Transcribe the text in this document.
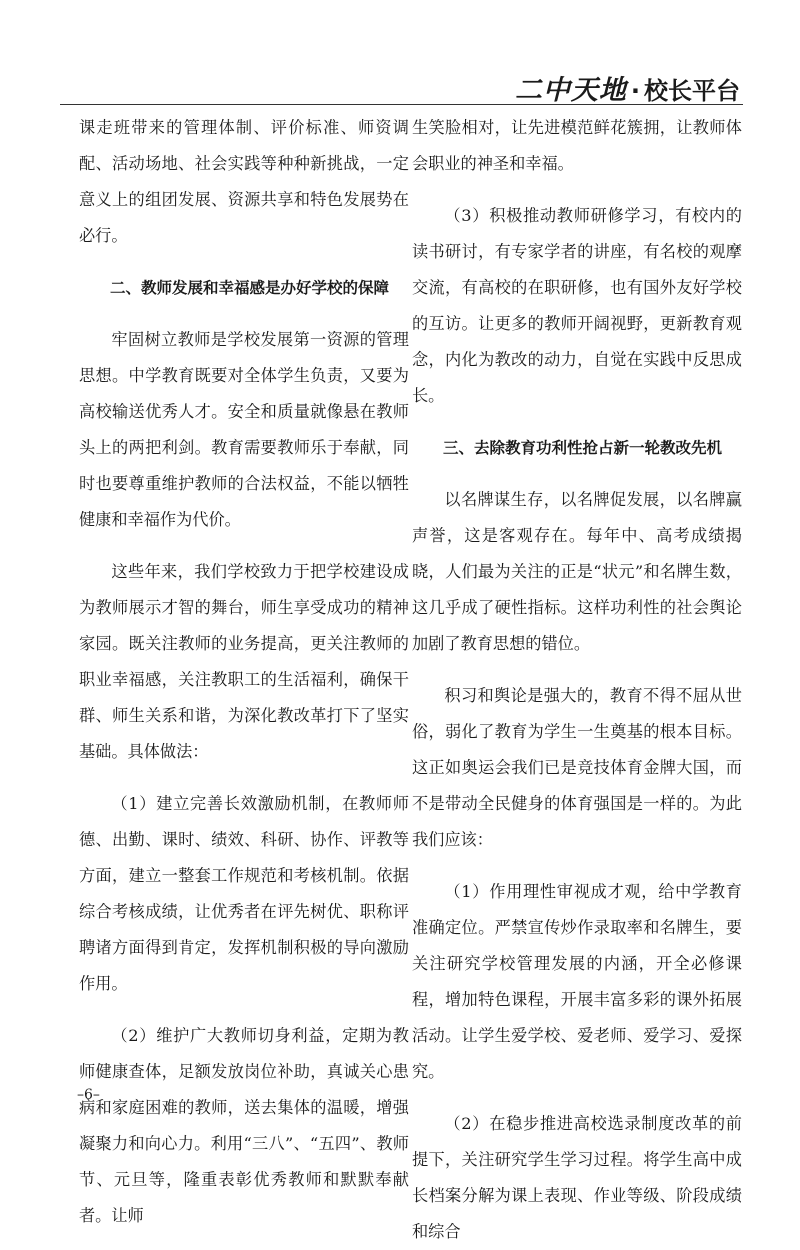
二中天地 · 校长平台

课走班带来的管理体制、评价标准、师资调配、活动场地、社会实践等种种新挑战，一定意义上的组团发展、资源共享和特色发展势在必行。

二、教师发展和幸福感是办好学校的保障

牢固树立教师是学校发展第一资源的管理思想。中学教育既要对全体学生负责，又要为高校输送优秀人才。安全和质量就像悬在教师头上的两把利剑。教育需要教师乐于奉献，同时也要尊重维护教师的合法权益，不能以牺牲健康和幸福作为代价。

这些年来，我们学校致力于把学校建设成为教师展示才智的舞台，师生享受成功的精神家园。既关注教师的业务提高，更关注教师的职业幸福感，关注教职工的生活福利，确保干群、师生关系和谐，为深化教改革打下了坚实基础。具体做法：

（1）建立完善长效激励机制，在教师师德、出勤、课时、绩效、科研、协作、评教等方面，建立一整套工作规范和考核机制。依据综合考核成绩，让优秀者在评先树优、职称评聘诸方面得到肯定，发挥机制积极的导向激励作用。

（2）维护广大教师切身利益，定期为教师健康查体，足额发放岗位补助，真诚关心患病和家庭困难的教师，送去集体的温暖，增强凝聚力和向心力。利用“三八”、“五四”、教师节、元旦等，隆重表彰优秀教师和默默奉献者。让师

生笑脸相对，让先进模范鲜花簇拥，让教师体会职业的神圣和幸福。

（3）积极推动教师研修学习，有校内的读书研讨，有专家学者的讲座，有名校的观摩交流，有高校的在职研修，也有国外友好学校的互访。让更多的教师开阔视野，更新教育观念，内化为教改的动力，自觉在实践中反思成长。

三、去除教育功利性抢占新一轮教改先机

以名牌谋生存，以名牌促发展，以名牌赢声誉，这是客观存在。每年中、高考成绩揭晓，人们最为关注的正是“状元”和名牌生数，这几乎成了硬性指标。这样功利性的社会舆论加剧了教育思想的错位。

积习和舆论是强大的，教育不得不屈从世俗，弱化了教育为学生一生奠基的根本目标。这正如奥运会我们已是竞技体育金牌大国，而不是带动全民健身的体育强国是一样的。为此我们应该：

（1）作用理性审视成才观，给中学教育准确定位。严禁宣传炒作录取率和名牌生，要关注研究学校管理发展的内涵，开全必修课程，增加特色课程，开展丰富多彩的课外拓展活动。让学生爱学校、爱老师、爱学习、爱探究。

（2）在稳步推进高校选录制度改革的前提下，关注研究学生学习过程。将学生高中成长档案分解为课上表现、作业等级、阶段成绩和综合

–6–
